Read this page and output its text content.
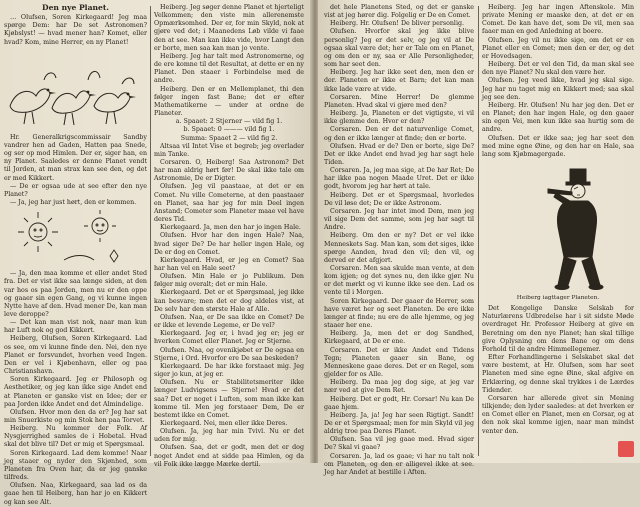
Den nye Planet.

… Olufsen, Soren Kirkegaard! Jeg maa spørge Dem: har De set Astronomen? Kjøbslyst! — hvad mener han? Komet, eller hvad? Kom, mine Herrer, en ny Planet!

Hr. Generalkrigscommissair Sandby vandrer hen ad Gaden, Hatten paa Snede, og ser op mod Himlen. Der er, siger han, en ny Planet. Saaledes er denne Planet vendt til Jorden, at man strax kan see den, og det er med Kikkert.

— De er ogsaa ude at see efter den nye Planet?

— Ja, jeg har just hørt, den er kommen.

— Ja, den maa komme et eller andet Sted fra. Det er vist ikke saa længe siden, at den var hos os paa Jorden, men nu er den oppe og gaaer sin egen Gang, og vi kunne ingen Nytte have af den. Hvad mener De, kan man leve deroppe?

— Det kan man vist nok, naar man kun har Luft nok og god Kikkert.

Heiberg, Olufsen, Soren Kirkegaard. Lad os see, om vi kunne finde den. Nei, den nye Planet er forsvundet, hvorhen veed Ingen. Den er vel i Kjøbenhavn, eller og paa Christianshavn.

Soren Kirkegaard. Jeg er Philosoph og Aesthetiker, og jeg kan ikke sige Andet end at Planeten er ganske vist en Idee; der er paa Jorden ikke Andet end det Almindelige.

Olufsen. Hvor mon den da er? Jeg har sat min Snuerkiste og min Stok hen paa Torvet.

Heiberg. Nu kommer der Folk. Af Nysgjerrighed samles de i Hobetal. Hvad skal det blive til? Det er mig et Spørgsmaal.

Soren Kirkegaard. Lad dem komme! Naar jeg staaer og nyder den Skjønhed, som Planeten fra Oven har, da er jeg ganske tilfreds.

Olufsen. Naa, Kirkegaard, saa lad os da gaae hen til Heiberg, han har jo en Kikkert og kan see Alt.

Heiberg. Jeg søger denne Planet et hjerteligt Velkommen; den viste min allerenemste Opmærksomhed. Der er, for min Skyld, nok at gjøre ved det; i Maanedens Løb vilde vi faae den at see. Man kan ikke vide, hvor Langt den er borte, men saa kan man jo vente.

Heiberg. Jeg har talt med Astronomerne, og de ere komne til det Resultat, at dette er en ny Planet. Den staaer i Forbindelse med de andre.

Heiberg. Den er en Mellemplanet, thi den følger ingen fast Bane; det er efter Mathematikerne — under at ordne de Planeter.

a. Spaaet: 2 Stjerner — vild fig 1.

b. Spaaet: 0 ——— vild fig 1.

Summa: Spaaet 2 — vild fig 2.

Altsaa vil Intet Vise et begreb; jeg overlader min Tanke.

Corsaren. O, Heiberg! Saa Astronom? Det har man aldrig hørt før! De skal ikke tale om Astronomie, De er Digter.

Olufsen. Jeg vil paastaae, at det er en Comet. Nu ville Cometerne, at den paastaaer en Planet, saa har jeg for min Deel ingen Anstand; Cometer som Planeter maae vel have deres Tid.

Kierkegaard. Ja, men den har jo ingen Hale.

Olufsen. Hvor har den ingen Hale? Naa, hvad siger De? De har heller ingen Hale, og De er dog en Comet.

Kierkegaard. Hvad, er jeg en Comet? Saa har han vel en Hale seet?

Olufsen. Min Hale er jo Publikum. Den følger mig overalt; det er min Hale.

Kierkegaard. Det er et Spørgsmaal, jeg ikke kan besvare; men det er dog aldeles vist, at De selv har den største Hale af Alle.

Olufsen. Naa, er De saa ikke en Comet? De er ikke et levende Legeme, er De vel?

Kierkegaard. Jeg er, i hvad jeg er; jeg er hverken Comet eller Planet. Jeg er Stjerne.

Olufsen. Naa, og ovenikjøbet er De ogsaa en Stjerne, i Ord. Hvorfor ere De saa beskeden?

Kierkegaard. De har ikke forstaaet mig. Jeg siger jo kun, at jeg er.

Olufsen. Nu er Stabilitetsmeriter ikke længer Ludvigsens — Stjerne! Hvad er det saa? Det er noget i Luften, som man ikke kan komme til. Men jeg forstaaer Dem, De er bestemt ikke en Comet.

Kierkegaard. Nei, men eller ikke Deres.

Olufsen. Ja, jeg har min Tvivl. Nu er det uden for mig.

Olufsen. Saa, det er godt, men det er dog noget Andet end at sidde paa Himlen, og da vil Folk ikke lægge Mærke dertil.

det hele Planetens Sted, og det er ganske vist at jeg hører dig. Folgelig er De en Comet.

Heiberg. Hr. Olufsen! De bliver personlig.

Olufsen. Hvorfor skal jeg ikke blive personlig? Jeg er det selv, og jeg vil at De ogsaa skal være det; her er Tale om en Planet, og om den er ny, saa er Alle Personligheder, som har seet den.

Heiberg. Jeg har ikke seet den, men den er der. Planeten er ikke et Barn; det kan man ikke lade være at vide.

Corsaren. Mine Herrer! De glemme Planeten. Hvad skal vi gjøre med den?

Heiberg. Ja, Planeten er det vigtigste, vi vil ikke glemme den. Hvor er den?

Corsaren. Den er det naturvenlige Comet, og den er ikke længer at finde; den er borte.

Olufsen. Hvad er de? Den er borte, sige De? Det er ikke Andet end hvad jeg har sagt hele Tiden.

Corsaren. Ja, jeg maa sige, at De har Ret; De har ikke paa nogen Maade Uret. Det er ikke godt, hvorom jeg har hørt at tale.

Heiberg. Det er et Spørgsmaal, hvorledes De vil løse det; De er ikke Astronom.

Corsaren. Jeg har intet imod Dem, men jeg vil sige Dem det samme, som jeg har sagt til Andre.

Heiberg. Om den er ny? Det er vel ikke Menneskets Sag. Man kan, som det siges, ikke spørge Aanden, hvad den vil; den vil, og derved er det afgjort.

Corsaren. Men saa skulde man vente, at den kom igjen; og det synes nu, den ikke gjør. Nu er det mørkt og vi kunne ikke see den. Lad os vente til i Morgen.

Soren Kirkegaard. Der gaaer de Herrer, som have været her og seet Planeten. De ere ikke længer at finde; nu ere de alle hjemme, og jeg staaer her ene.

Heiberg. Ja, men det er dog Sandhed, Kirkegaard, at De er ene.

Corsaren. Det er ikke Andet end Tidens Tegn; Planeten gaaer sin Bane, og Menneskene gaae deres. Det er en Regel, som gjelder for os Alle.

Heiberg. Da maa jeg dog sige, at jeg var nær ved at give Dem Ret.

Heiberg. Det er godt, Hr. Corsar! Nu kan De gaae hjem.

Heiberg. Ja, ja! Jeg har seen Rigtigt. Sandt! De er et Spørgsmaal; men for min Skyld vil jeg aldrig troe paa Deres Planet.

Olufsen. Saa vil jeg gaae med. Hvad siger De? Skal vi gaae?

Corsaren. Ja, lad os gaae; vi har nu talt nok om Planeten, og den er alligevel ikke at see. Jeg har Andet at bestille i Aften.

Heiberg. Jeg har ingen Aftenskole. Min private Mening er maaske den, at det er en Comet. De kan have det, som De vil, men saa faaer man en god Anledning at boere.

Olufsen. Jeg vil nu ikke sige, om det er en Planet eller en Comet; men den er der, og det er Hovedsagen.

Heiberg. Det er vel den Tid, da man skal see den nye Planet? Nu skal den være her.

Olufsen. Jeg veed ikke, hvad jeg skal sige. Jeg har nu taget mig en Kikkert med; saa skal jeg see den.

Heiberg. Hr. Olufsen! Nu har jeg den. Det er en Planet; den har ingen Hale, og den gaaer sin egen Vei, men kun ikke saa hurtig som de andre.

Olufsen. Det er ikke saa; jeg har seet den med mine egne Øine, og den har en Hale, saa lang som Kjøbmagergade.

Heiberg iagttager Planeten.

Det Kongelige Danske Selskab for Naturlærens Udbredelse har i sit sidste Møde overdraget Hr. Professor Heiberg at give en Beretning om den nye Planet; han skal tillige give Oplysning om dens Bane og om dens Forhold til de andre Himmellegemer.

Efter Forhandlingerne i Selskabet skal det være bestemt, at Hr. Olufsen, som har seet Planeten med sine egne Øine, skal afgive en Erklæring, og denne skal trykkes i de Lærdes Tidender.

Corsaren har allerede givet sin Mening tilkjende; den lyder saaledes: at det hverken er en Comet eller en Planet, men en Corsar, og at den nok skal komme igjen, naar man mindst venter den.
